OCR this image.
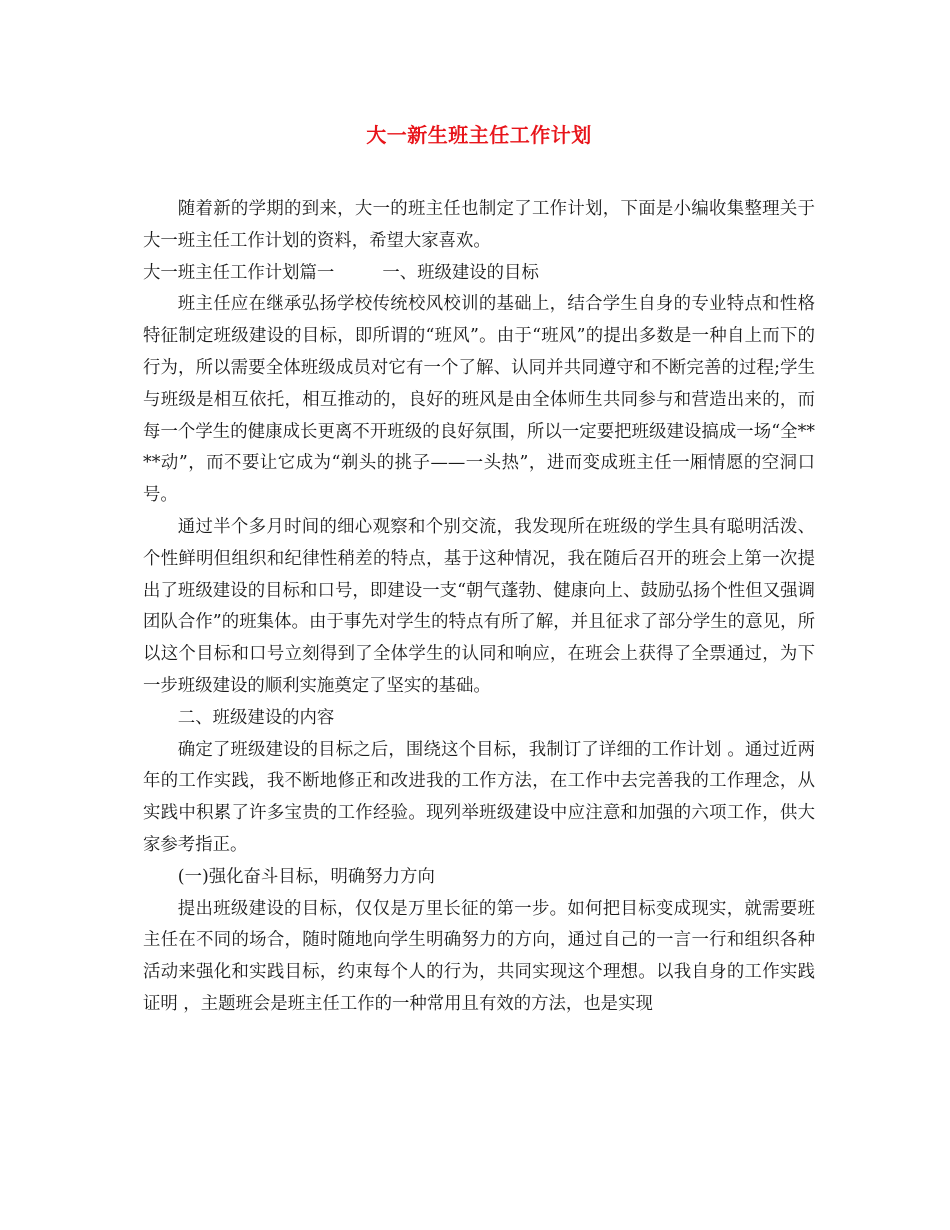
大一新生班主任工作计划

随着新的学期的到来，大一的班主任也制定了工作计划，下面是小编收集整理关于大一班主任工作计划的资料，希望大家喜欢。

大一班主任工作计划篇一	一、班级建设的目标

班主任应在继承弘扬学校传统校风校训的基础上，结合学生自身的专业特点和性格特征制定班级建设的目标，即所谓的“班风”。由于“班风”的提出多数是一种自上而下的行为，所以需要全体班级成员对它有一个了解、认同并共同遵守和不断完善的过程;学生与班级是相互依托，相互推动的，良好的班风是由全体师生共同参与和营造出来的，而每一个学生的健康成长更离不开班级的良好氛围，所以一定要把班级建设搞成一场“全****动”，而不要让它成为“剃头的挑子——一头热”，进而变成班主任一厢情愿的空洞口号。

通过半个多月时间的细心观察和个别交流，我发现所在班级的学生具有聪明活泼、个性鲜明但组织和纪律性稍差的特点，基于这种情况，我在随后召开的班会上第一次提出了班级建设的目标和口号，即建设一支“朝气蓬勃、健康向上、鼓励弘扬个性但又强调团队合作”的班集体。由于事先对学生的特点有所了解，并且征求了部分学生的意见，所以这个目标和口号立刻得到了全体学生的认同和响应，在班会上获得了全票通过，为下一步班级建设的顺利实施奠定了坚实的基础。

二、班级建设的内容

确定了班级建设的目标之后，围绕这个目标，我制订了详细的工作计划 。通过近两年的工作实践，我不断地修正和改进我的工作方法，在工作中去完善我的工作理念，从实践中积累了许多宝贵的工作经验。现列举班级建设中应注意和加强的六项工作，供大家参考指正。

(一)强化奋斗目标，明确努力方向

提出班级建设的目标，仅仅是万里长征的第一步。如何把目标变成现实，就需要班主任在不同的场合，随时随地向学生明确努力的方向，通过自己的一言一行和组织各种活动来强化和实践目标，约束每个人的行为，共同实现这个理想。以我自身的工作实践证明 ，主题班会是班主任工作的一种常用且有效的方法，也是实现
